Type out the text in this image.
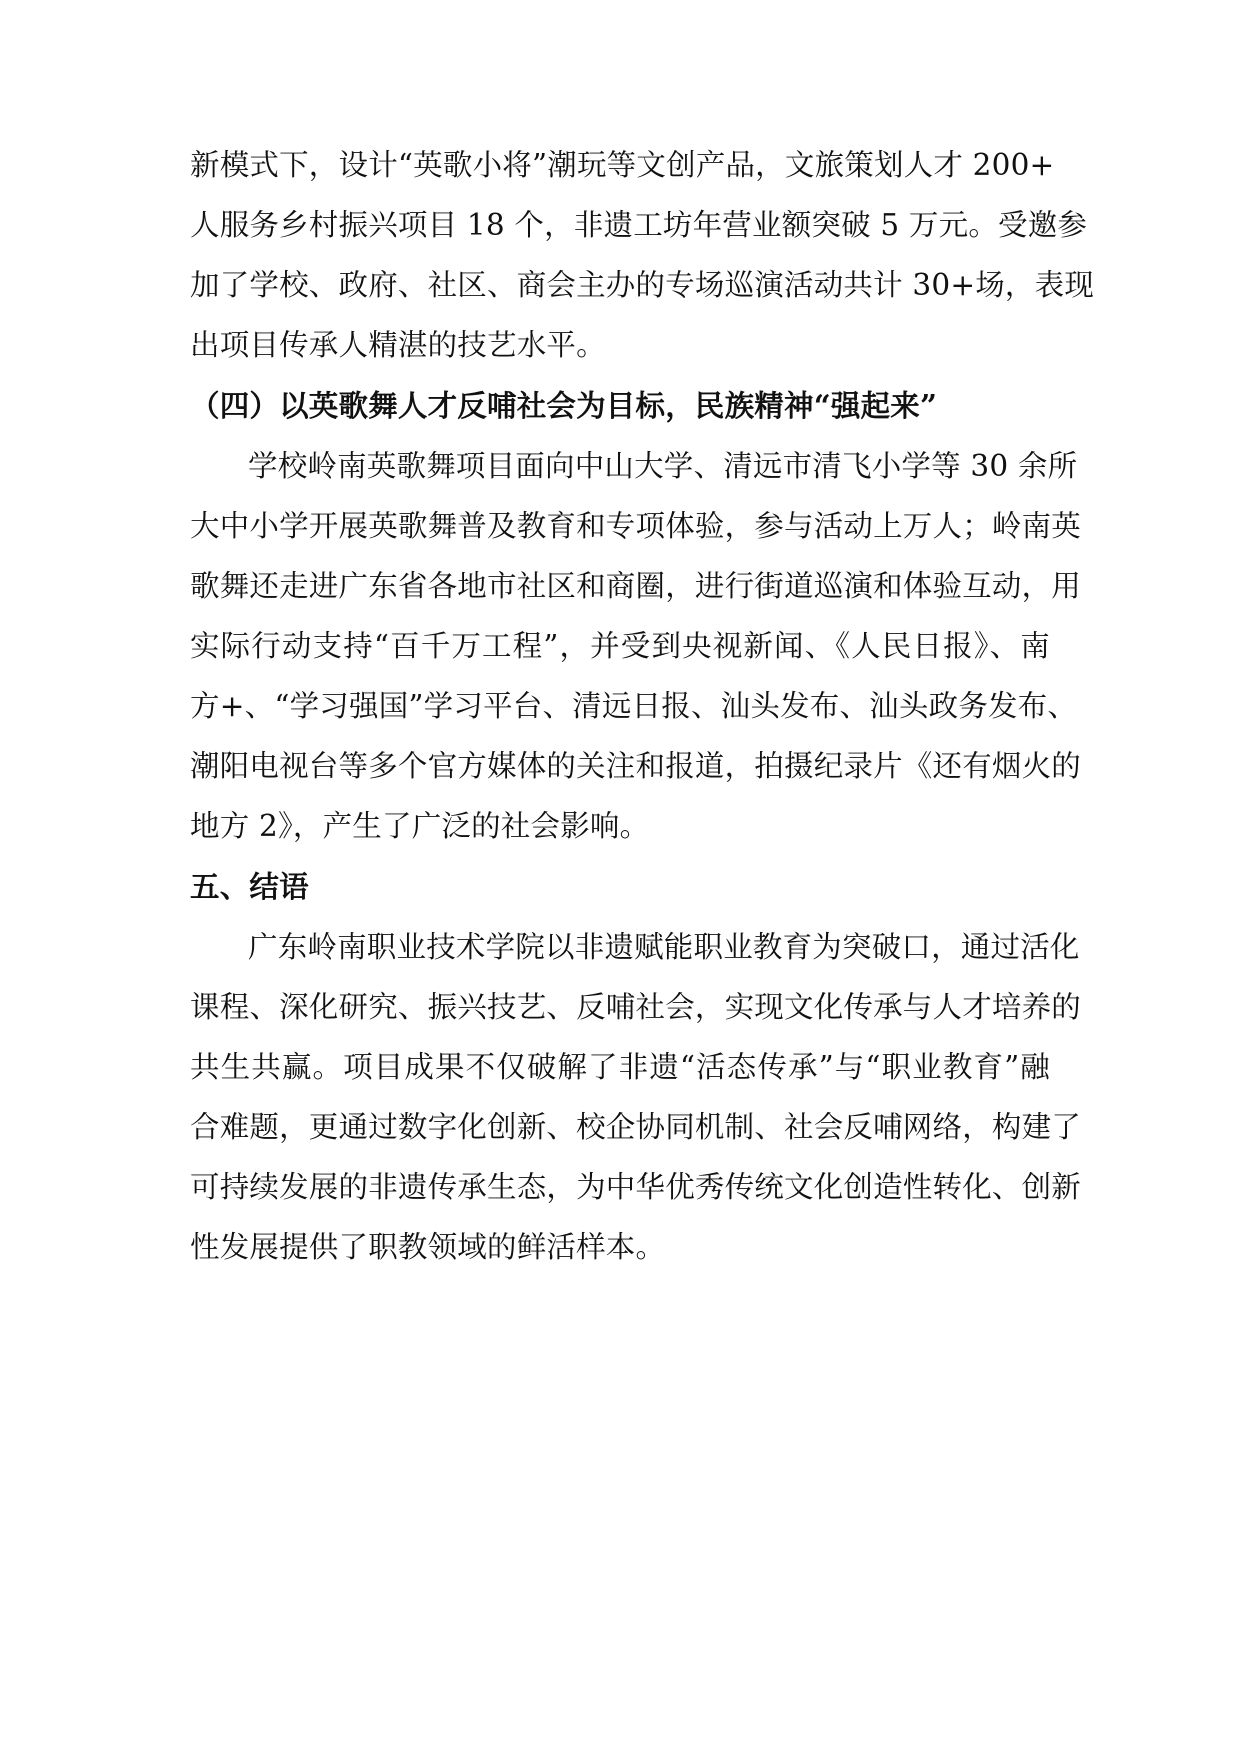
新模式下，设计“英歌小将”潮玩等文创产品，文旅策划人才 200+
人服务乡村振兴项目 18 个，非遗工坊年营业额突破 5 万元。受邀参
加了学校、政府、社区、商会主办的专场巡演活动共计 30+场，表现
出项目传承人精湛的技艺水平。
（四）以英歌舞人才反哺社会为目标，民族精神“强起来”
学校岭南英歌舞项目面向中山大学、清远市清飞小学等 30 余所
大中小学开展英歌舞普及教育和专项体验，参与活动上万人；岭南英
歌舞还走进广东省各地市社区和商圈，进行街道巡演和体验互动，用
实际行动支持“百千万工程”，并受到央视新闻、《人民日报》、南
方+、“学习强国”学习平台、清远日报、汕头发布、汕头政务发布、
潮阳电视台等多个官方媒体的关注和报道，拍摄纪录片《还有烟火的
地方 2》，产生了广泛的社会影响。
五、结语
广东岭南职业技术学院以非遗赋能职业教育为突破口，通过活化
课程、深化研究、振兴技艺、反哺社会，实现文化传承与人才培养的
共生共赢。项目成果不仅破解了非遗“活态传承”与“职业教育”融
合难题，更通过数字化创新、校企协同机制、社会反哺网络，构建了
可持续发展的非遗传承生态，为中华优秀传统文化创造性转化、创新
性发展提供了职教领域的鲜活样本。
